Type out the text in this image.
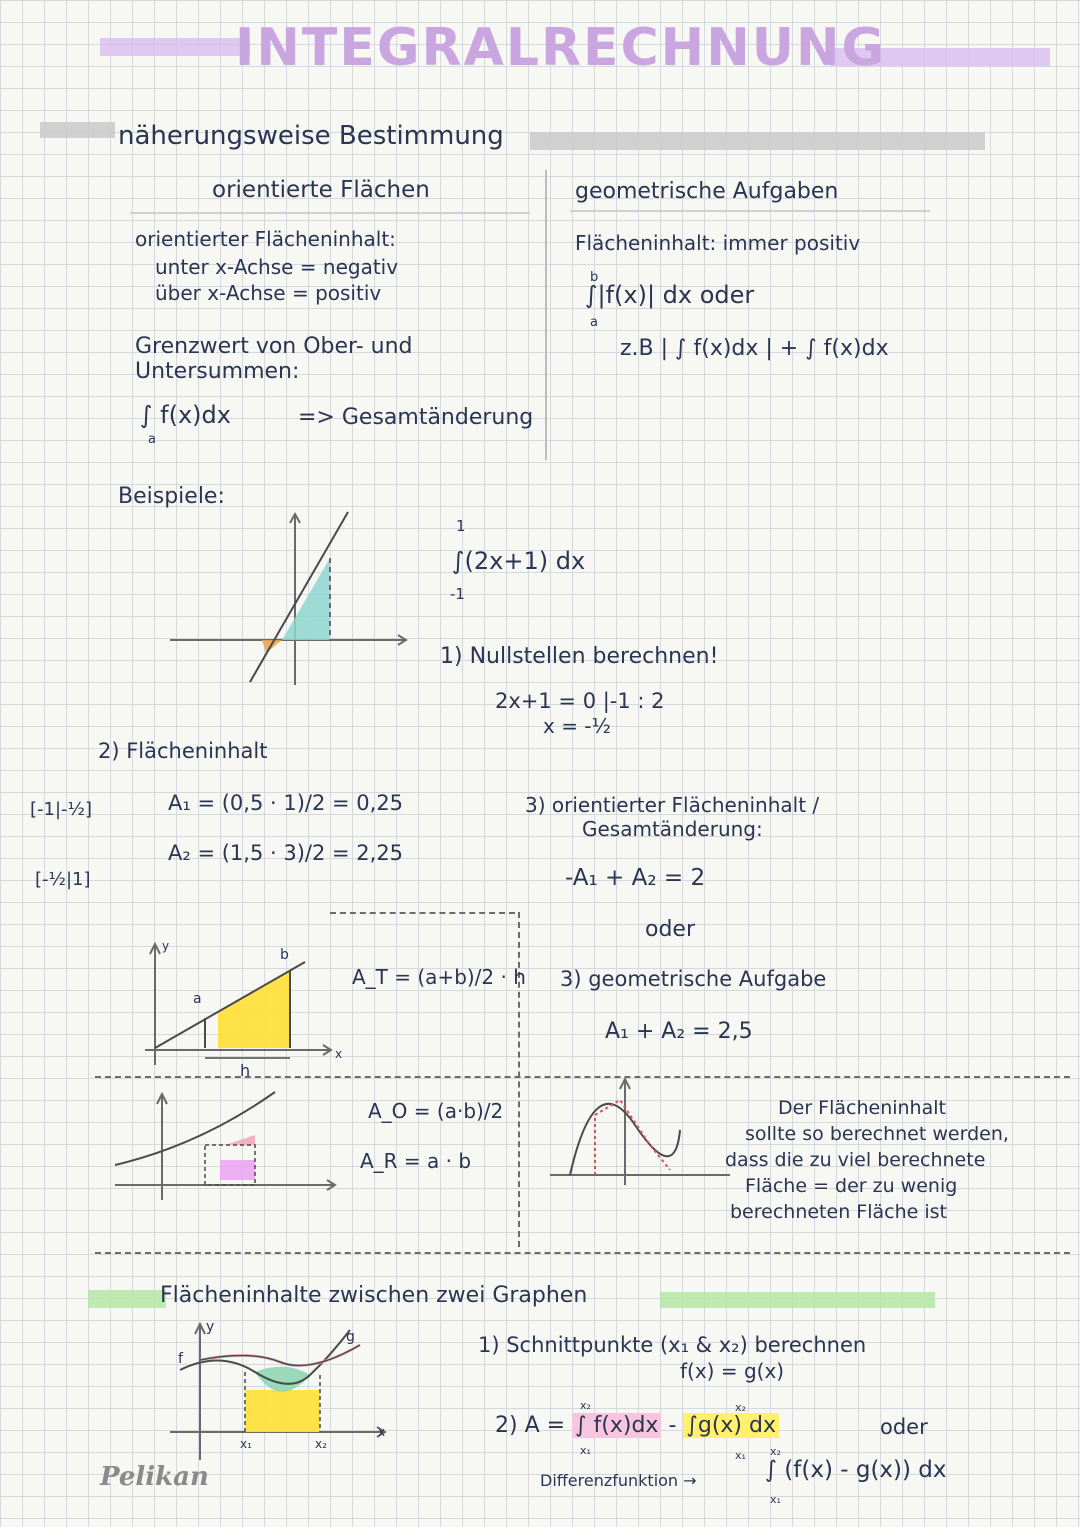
INTEGRALRECHNUNG
näherungsweise Bestimmung
orientierte Flächen
orientierter Flächeninhalt:
unter x-Achse = negativ
über x-Achse = positiv
Grenzwert von Ober- und
Untersummen:
∫ f(x)dx
a
=> Gesamtänderung
geometrische Aufgaben
Flächeninhalt: immer positiv
∫|f(x)| dx oder
a
b
z.B | ∫ f(x)dx | + ∫ f(x)dx
Beispiele:
∫(2x+1) dx
1
-1
1) Nullstellen berechnen!
2x+1 = 0 |-1 : 2
x = -½
2) Flächeninhalt
[-1|-½]
[-½|1]
A₁ = (0,5 · 1)/2 = 0,25
A₂ = (1,5 · 3)/2 = 2,25
3) orientierter Flächeninhalt /
Gesamtänderung:
-A₁ + A₂ = 2
oder
3) geometrische Aufgabe
A₁ + A₂ = 2,5
a
b
h
y
x
A_T = (a+b)/2 · h
A_O = (a·b)/2
A_R = a · b
Der Flächeninhalt
sollte so berechnet werden,
dass die zu viel berechnete
Fläche = der zu wenig
berechneten Fläche ist
Flächeninhalte zwischen zwei Graphen
y
f
g
x₁	x₂
x
1) Schnittpunkte (x₁ & x₂) berechnen
f(x) = g(x)
2) A = ∫ f(x)dx - ∫g(x) dx
x₁
x₂
x₁
x₂
oder
Differenzfunktion →	∫ (f(x) - g(x)) dx
x₁
x₂
Pelikan
